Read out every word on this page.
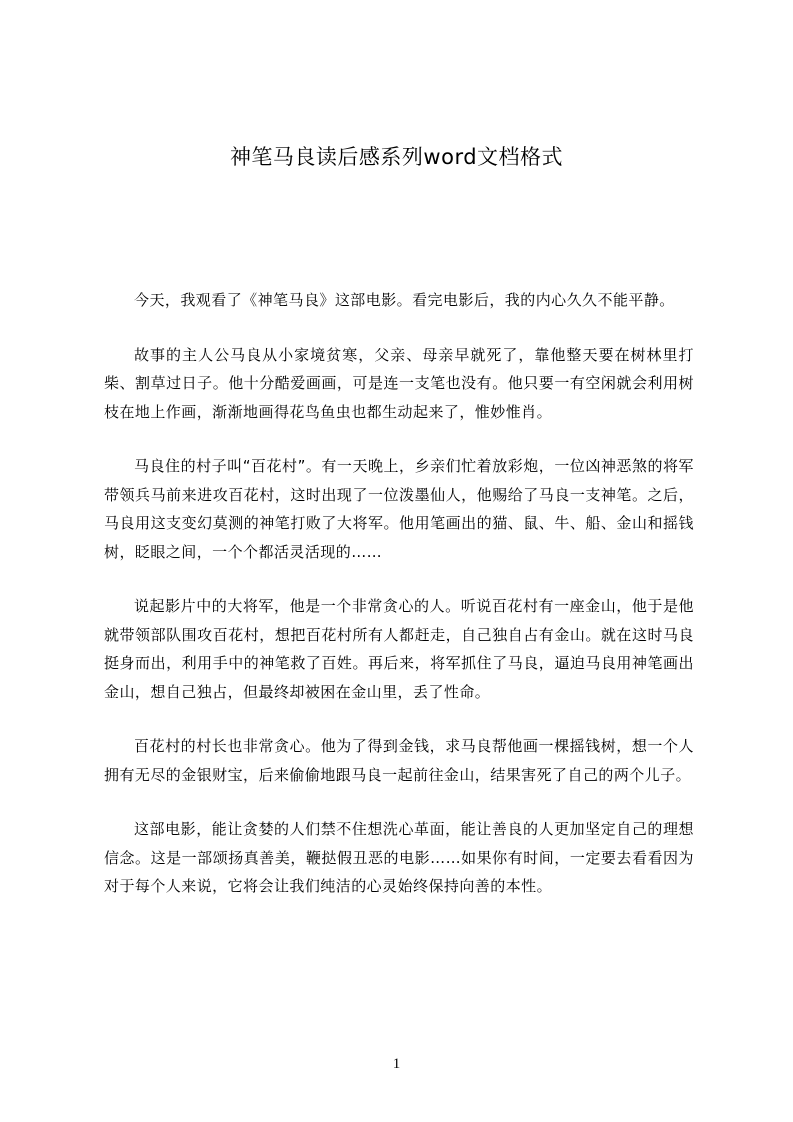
神笔马良读后感系列word文档格式

今天，我观看了《神笔马良》这部电影。看完电影后，我的内心久久不能平静。

故事的主人公马良从小家境贫寒，父亲、母亲早就死了，靠他整天要在树林里打柴、割草过日子。他十分酷爱画画，可是连一支笔也没有。他只要一有空闲就会利用树枝在地上作画，渐渐地画得花鸟鱼虫也都生动起来了，惟妙惟肖。

马良住的村子叫“百花村”。有一天晚上，乡亲们忙着放彩炮，一位凶神恶煞的将军带领兵马前来进攻百花村，这时出现了一位泼墨仙人，他赐给了马良一支神笔。之后，马良用这支变幻莫测的神笔打败了大将军。他用笔画出的猫、鼠、牛、船、金山和摇钱树，眨眼之间，一个个都活灵活现的……

说起影片中的大将军，他是一个非常贪心的人。听说百花村有一座金山，他于是他就带领部队围攻百花村，想把百花村所有人都赶走，自己独自占有金山。就在这时马良挺身而出，利用手中的神笔救了百姓。再后来，将军抓住了马良，逼迫马良用神笔画出金山，想自己独占，但最终却被困在金山里，丢了性命。

百花村的村长也非常贪心。他为了得到金钱，求马良帮他画一棵摇钱树，想一个人拥有无尽的金银财宝，后来偷偷地跟马良一起前往金山，结果害死了自己的两个儿子。

这部电影，能让贪婪的人们禁不住想洗心革面，能让善良的人更加坚定自己的理想信念。这是一部颂扬真善美，鞭挞假丑恶的电影……如果你有时间，一定要去看看因为对于每个人来说，它将会让我们纯洁的心灵始终保持向善的本性。

1
